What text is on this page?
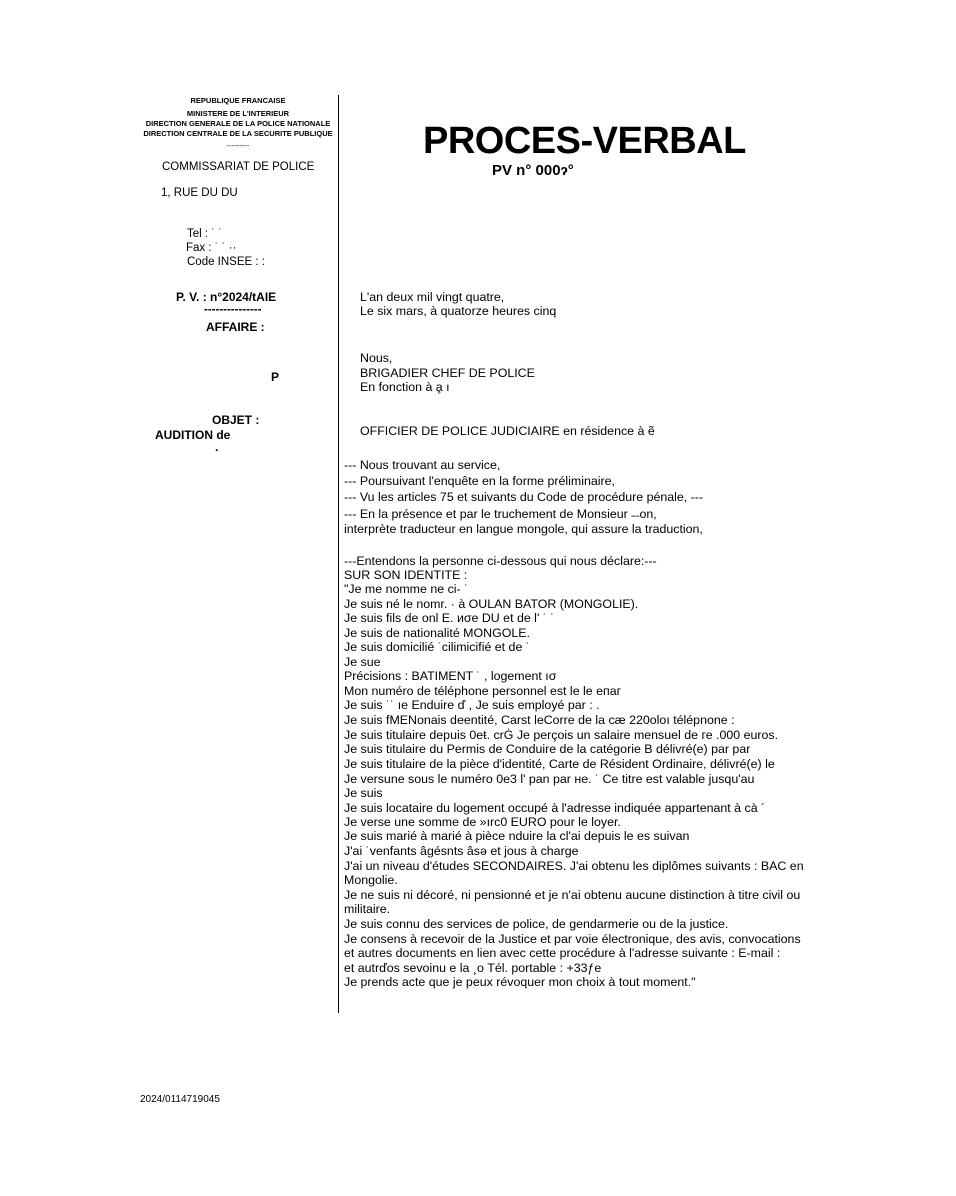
REPUBLIQUE FRANCAISE
MINISTERE DE L'INTERIEUR
DIRECTION GENERALE DE LA POLICE NATIONALE
DIRECTION CENTRALE DE LA SECURITE PUBLIQUE
---------
COMMISSARIAT DE POLICE
1, RUE DU DU
Tel : ˙ ˙
Fax : ˙ ˙ ··
Code INSEE : :
P. V. : n°2024/tAIE
---------------
AFFAIRE :
P
OBJET :
AUDITION de
.
PROCES-VERBAL
PV n° 000ɂ°
L'an deux mil vingt quatre,
Le six mars, à quatorze heures cinq
Nous,
BRIGADIER CHEF DE POLICE
En fonction à ḁ ı
OFFICIER DE POLICE JUDICIAIRE en résidence à ẽ
--- Nous trouvant au service,
--- Poursuivant l'enquête en la forme préliminaire,
--- Vu les articles 75 et suivants du Code de procédure pénale, ---
--- En la présence et par le truchement de Monsieur ˗˗on,
interprète traducteur en langue mongole, qui assure la traduction,
---Entendons la personne ci-dessous qui nous déclare:---
SUR SON IDENTITE :
"Je me nomme ne ci- ˙
Je suis né le nomr. · à OULAN BATOR (MONGOLIE).
Je suis fils de onl E. иσе DU et de l' ˙ ˙
Je suis de nationalité MONGOLE.
Je suis domicilié ˙cilimicifié et de ˙
Je sue
Précisions : BATIMENT ˙ , logement ıσ
Mon numéro de téléphone personnel est le le епаг
Je suis ˙˙ ıе Enduire ď , Je suis employé par : .
Je suis fΜENonais deеntité, Carst leСorre de la cæ 220oloı télépnone :
Je suis titulaire depuis 0eŧ. crĠ Je perçois un salaire mensuel de ге .000 euros.
Je suis titulaire du Permis de Conduire de la catégorie B délivré(e) par par
Je suis titulaire de la pièce d'identité, Carte de Résident Ordinaire, délivré(e) le
Je versune sous le numéro 0e3 l' pan par не. ˙ Ce titre est valable jusqu'au
Je suis
Je suis locataire du logement occupé à l'adresse indiquée appartenant à cà ´
Je verse une somme de »ırc0 EURO pour le loyer.
Je suis marié à marié à pièce nduire la cl'ai depuis le еs suivan
J'ai ˙venfants âgésnts âsə et jous à charge
J'ai un niveau d'études SECONDAIRES. J'ai obtenu les diplômes suivants : BAC en
Mongolie.
Je ne suis ni décoré, ni pensionné et je n'ai obtenu aucune distinction à titre civil ou
militaire.
Je suis connu des services de police, de gendarmerie ou de la justice.
Je consens à recevoir de la Justice et par voie électronique, des avis, convocations
et autres documents en lien avec cette procédure à l'adresse suivante : E-mail :
et autrďos sevoinu е la ¸о Tél. portable : +33ƒe
Je prends acte que je peux révoquer mon choix à tout moment."
2024/0114719045
